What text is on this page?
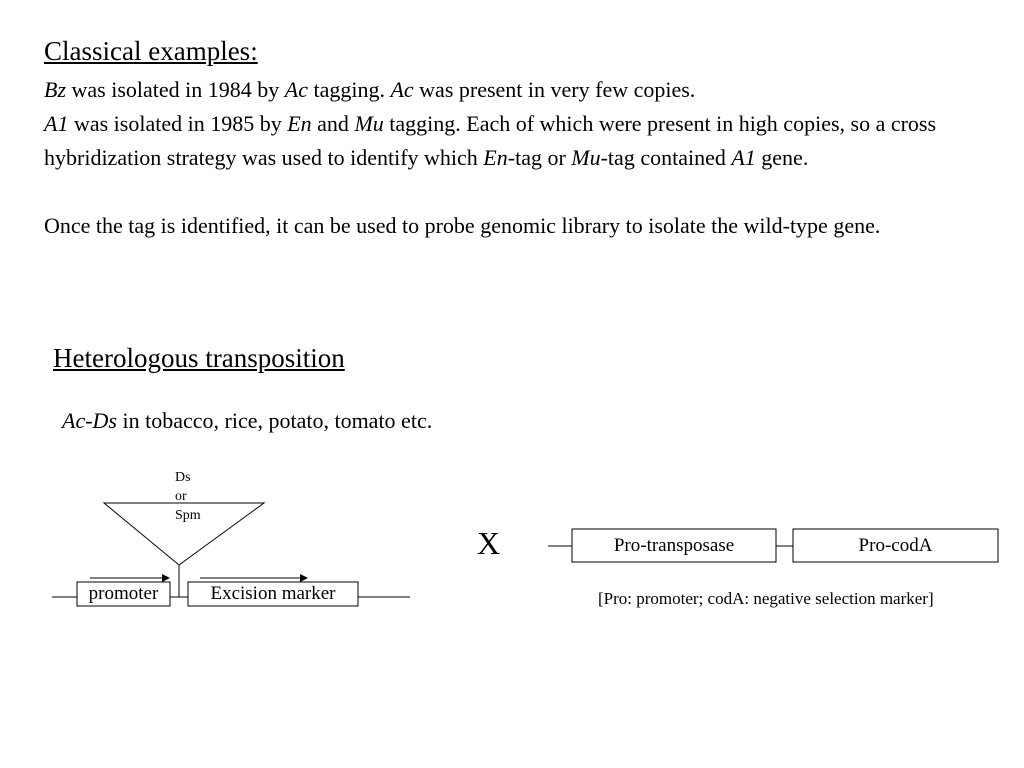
Classical examples:

Bz was isolated in 1984 by Ac tagging. Ac was present in very few copies.

A1 was isolated in 1985 by En and Mu tagging. Each of which were present in high copies, so a cross hybridization strategy was used to identify which En-tag or Mu-tag contained A1 gene.

Once the tag is identified, it can be used to probe genomic library to isolate the wild-type gene.

Heterologous transposition
Ac-Ds in tobacco, rice, potato, tomato etc.
Ds
or
Spm
promoter	Excision marker
X	Pro-transposase	Pro-codA
[Pro: promoter; codA: negative selection marker]
